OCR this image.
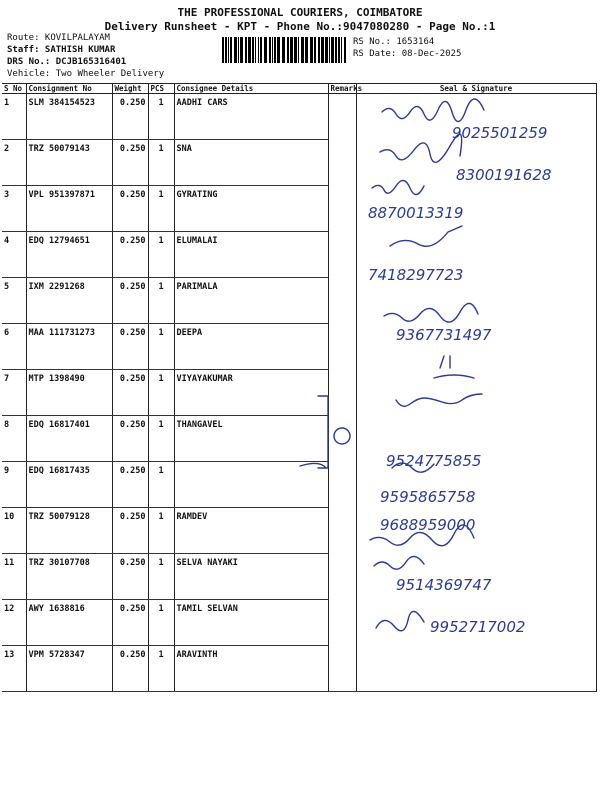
THE PROFESSIONAL COURIERS, COIMBATORE
Delivery Runsheet - KPT - Phone No.:9047080280 - Page No.:1
Route: KOVILPALAYAM
Staff: SATHISH KUMAR
DRS No.: DCJB165316401
Vehicle: Two Wheeler Delivery
RS No.: 1653164
RS Date: 08-Dec-2025
S No	Consignment No	Weight	PCS	Consignee Details	Remarks	Seal & Signature
1	SLM 384154523	0.250	1	AADHI CARS		
2	TRZ 50079143	0.250	1	SNA		
3	VPL 951397871	0.250	1	GYRATING		
4	EDQ 12794651	0.250	1	ELUMALAI		
5	IXM 2291268	0.250	1	PARIMALA		
6	MAA 111731273	0.250	1	DEEPA		
7	MTP 1398490	0.250	1	VIYAYAKUMAR		
8	EDQ 16817401	0.250	1	THANGAVEL		
9	EDQ 16817435	0.250	1			
10	TRZ 50079128	0.250	1	RAMDEV		
11	TRZ 30107708	0.250	1	SELVA NAYAKI		
12	AWY 1638816	0.250	1	TAMIL SELVAN		
13	VPM 5728347	0.250	1	ARAVINTH		
9025501259
8300191628
8870013319
7418297723
9367731497
9524775855
9595865758
9688959000
9514369747
9952717002
